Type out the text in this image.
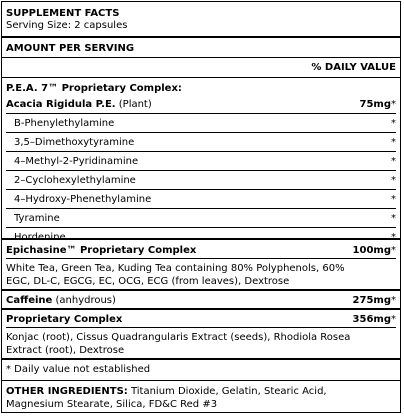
SUPPLEMENT FACTS
Serving Size: 2 capsules
AMOUNT PER SERVING
% DAILY VALUE
P.E.A. 7™ Proprietary Complex:
Acacia Rigidula P.E. (Plant)	75mg*
B-Phenylethylamine	*
3,5–Dimethoxytyramine	*
4–Methyl-2-Pyridinamine	*
2–Cyclohexylethylamine	*
4–Hydroxy-Phenethylamine	*
Tyramine	*
Epichasine™ Proprietary Complex	100mg*
White Tea, Green Tea, Kuding Tea containing 80% Polyphenols, 60%
EGC, DL-C, EGCG, EC, OCG, ECG (from leaves), Dextrose
Caffeine (anhydrous)	275mg*
Proprietary Complex	356mg*
Konjac (root), Cissus Quadrangularis Extract (seeds), Rhodiola Rosea
Extract (root), Dextrose
* Daily value not established
OTHER INGREDIENTS: Titanium Dioxide, Gelatin, Stearic Acid,
Magnesium Stearate, Silica, FD&C Red #3
